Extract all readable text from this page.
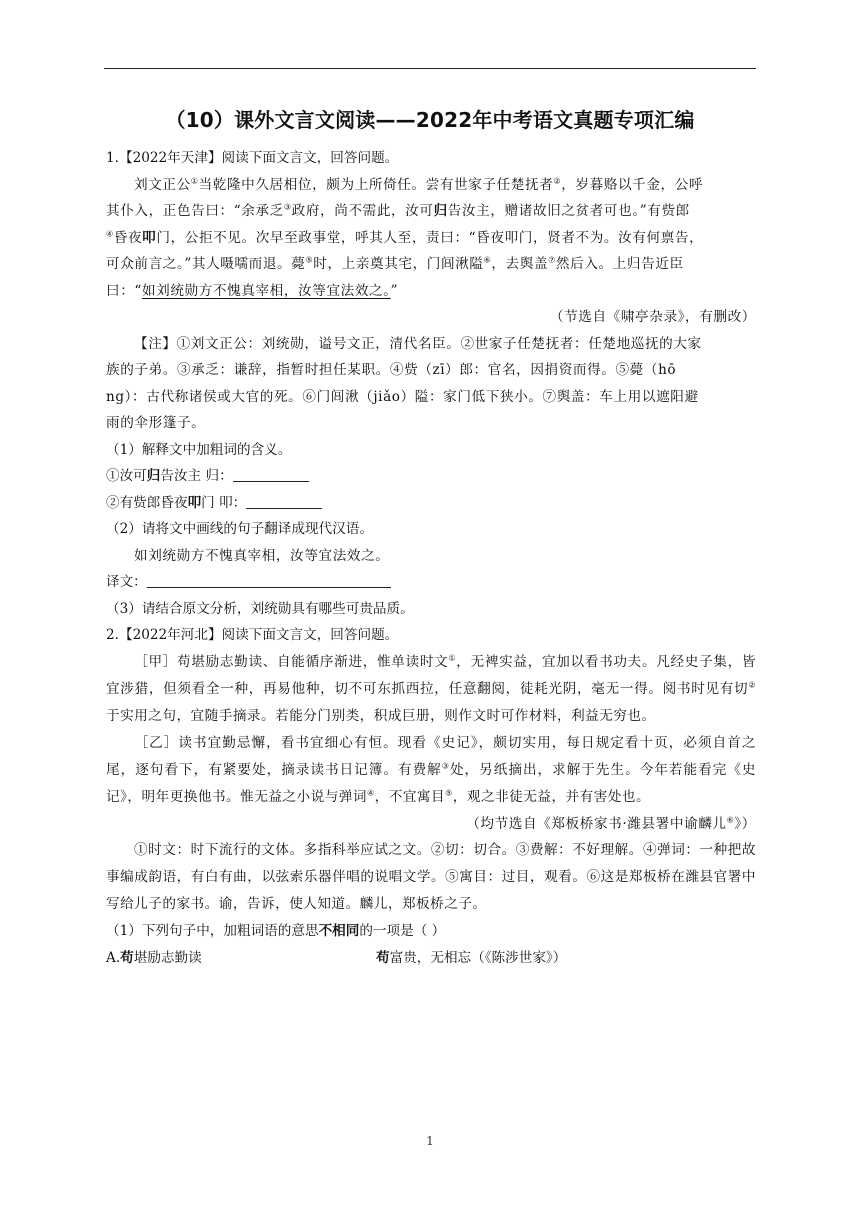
（10）课外文言文阅读——2022年中考语文真题专项汇编
1.【2022年天津】阅读下面文言文，回答问题。
刘文正公①当乾隆中久居相位，颇为上所倚任。尝有世家子任楚抚者②，岁暮赂以千金，公呼
其仆入，正色告曰：“余承乏③政府，尚不需此，汝可归告汝主，赠诸故旧之贫者可也。”有赀郎
④昏夜叩门，公拒不见。次早至政事堂，呼其人至，责曰：“昏夜叩门，贤者不为。汝有何禀告，
可众前言之。”其人嗫嚅而退。薨⑤时，上亲奠其宅，门闾湫隘⑥，去舆盖⑦然后入。上归告近臣
曰：“如刘统勋方不愧真宰相，汝等宜法效之。”
（节选自《啸亭杂录》，有删改）
【注】①刘文正公：刘统勋，谥号文正，清代名臣。②世家子任楚抚者：任楚地巡抚的大家
族的子弟。③承乏：谦辞，指暂时担任某职。④赀（zī）郎：官名，因捐资而得。⑤薨（hō
ng）：古代称诸侯或大官的死。⑥门闾湫（jiǎo）隘：家门低下狭小。⑦舆盖：车上用以遮阳避
雨的伞形篷子。
（1）解释文中加粗词的含义。
①汝可归告汝主 归：
②有赀郎昏夜叩门 叩：
（2）请将文中画线的句子翻译成现代汉语。
如刘统勋方不愧真宰相，汝等宜法效之。
译文：
（3）请结合原文分析，刘统勋具有哪些可贵品质。
2.【2022年河北】阅读下面文言文，回答问题。
［甲］苟堪励志勤读、自能循序渐进，惟单读时文①，无裨实益，宜加以看书功夫。凡经史子集，皆宜涉猎，但须看全一种，再易他种，切不可东抓西拉，任意翻阅，徒耗光阴，毫无一得。阅书时见有切②于实用之句，宜随手摘录。若能分门别类，积成巨册，则作文时可作材料，利益无穷也。
［乙］读书宜勤忌懈，看书宜细心有恒。现看《史记》，颇切实用，每日规定看十页，必须自首之尾，逐句看下，有紧要处，摘录读书日记簿。有费解③处，另纸摘出，求解于先生。今年若能看完《史记》，明年更换他书。惟无益之小说与弹词④，不宜寓目⑤，观之非徒无益，并有害处也。
（均节选自《郑板桥家书·潍县署中谕麟儿⑥》）
①时文：时下流行的文体。多指科举应试之文。②切：切合。③费解：不好理解。④弹词：一种把故事编成韵语，有白有曲，以弦索乐器伴唱的说唱文学。⑤寓目：过目，观看。⑥这是郑板桥在潍县官署中写给儿子的家书。谕，告诉，使人知道。麟儿，郑板桥之子。
（1）下列句子中，加粗词语的意思不相同的一项是（ ）
A.苟堪励志勤读	苟富贵，无相忘（《陈涉世家》）
1
